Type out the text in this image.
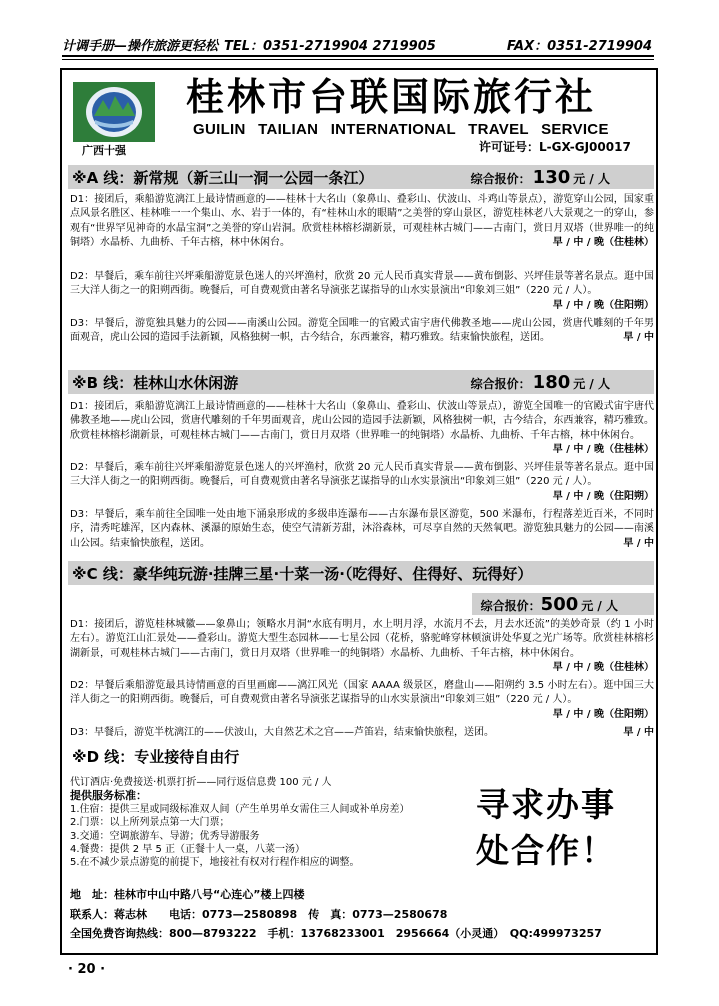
计调手册—操作旅游更轻松 TEL：0351-2719904 2719905	FAX：0351-2719904
广西十强
桂林市台联国际旅行社
GUILIN TAILIAN INTERNATIONAL TRAVEL SERVICE
许可证号：L-GX-GJ00017
※A 线：新常规（新三山一洞一公园一条江）	综合报价： 130 元 / 人

D1：接团后，乘船游览漓江上最诗情画意的——桂林十大名山（象鼻山、叠彩山、伏波山、斗鸡山等景点），游览穿山公园，国家重点风景名胜区、桂林唯一一个集山、水、岩于一体的，有“桂林山水的眼睛”之美誉的穿山景区，游览桂林老八大景观之一的穿山，参观有“世界罕见神奇的水晶宝洞”之美誉的穿山岩洞。欣赏桂林榕杉湖新景，可观桂林古城门——古南门，赏日月双塔（世界唯一的纯铜塔）水晶桥、九曲桥、千年古榕，林中休闲台。	早 / 中 / 晚（住桂林）

D2：早餐后，乘车前往兴坪乘船游览景色迷人的兴坪渔村，欣赏 20 元人民币真实背景——黄布倒影、兴坪佳景等著名景点。逛中国三大洋人街之一的阳朔西街。晚餐后，可自费观赏由著名导演张艺谋指导的山水实景演出“印象刘三姐”（220 元 / 人）。
早 / 中 / 晚（住阳朔）

D3：早餐后，游览独具魅力的公园——南溪山公园。游览全国唯一的官殿式宙宇唐代佛教圣地——虎山公园，赏唐代雕刻的千年男面观音，虎山公园的造园手法新颖，风格独树一帜，古今结合，东西兼容，精巧雅致。结束愉快旅程，送团。	早 / 中

※B 线：桂林山水休闲游	综合报价： 180 元 / 人

D1：接团后，乘船游览漓江上最诗情画意的——桂林十大名山（象鼻山、叠彩山、伏波山等景点），游览全国唯一的官殿式宙宇唐代佛教圣地——虎山公园，赏唐代雕刻的千年男面观音，虎山公园的造园手法新颖，风格独树一帜，古今结合，东西兼容，精巧雅致。欣赏桂林榕杉湖新景，可观桂林古城门——古南门，赏日月双塔（世界唯一的纯铜塔）水晶桥、九曲桥、千年古榕，林中休闲台。
早 / 中 / 晚（住桂林）

D2：早餐后，乘车前往兴坪乘船游览景色迷人的兴坪渔村，欣赏 20 元人民币真实背景——黄布倒影、兴坪佳景等著名景点。逛中国三大洋人街之一的阳朔西街。晚餐后，可自费观赏由著名导演张艺谋指导的山水实景演出“印象刘三姐”（220 元 / 人）。
早 / 中 / 晚（住阳朔）

D3：早餐后，乘车前往全国唯一处由地下涌泉形成的多级串连瀑布——古东瀑布景区游览，500 米瀑布，行程落差近百米，不同时序，清秀咤雄浑，区内森林、溪瀑的原始生态，使空气清新芳甜，沐浴森林，可尽享自然的天然氧吧。游览独具魅力的公园——南溪山公园。结束愉快旅程，送团。	早 / 中

※C 线：豪华纯玩游·挂牌三星·十菜一汤·（吃得好、住得好、玩得好）
综合报价： 500 元 / 人

D1：接团后，游览桂林城徽——象鼻山；领略水月洞“水底有明月，水上明月浮，水流月不去，月去水还流”的美妙奇景（约 1 小时左右）。游览江山汇景处——叠彩山。游览大型生态园林——七星公园（花桥，骆驼峰穿林顿演讲处华夏之光广场等。欣赏桂林榕杉湖新景，可观桂林古城门——古南门，赏日月双塔（世界唯一的纯铜塔）水晶桥、九曲桥、千年古榕，林中休闲台。
早 / 中 / 晚（住桂林）

D2：早餐后乘船游览最具诗情画意的百里画廊——漓江风光（国家 AAAA 级景区，磨盘山——阳朔约 3.5 小时左右）。逛中国三大洋人街之一的阳朔西街。晚餐后，可自费观赏由著名导演张艺谋指导的山水实景演出“印象刘三姐”（220 元 / 人）。
早 / 中 / 晚（住阳朔）

D3：早餐后，游览半枕漓江的——伏波山，大自然艺术之宫——芦笛岩，结束愉快旅程，送团。	早 / 中

※D 线：专业接待自由行
代订酒店·免费接送·机票打折——同行返信息费 100 元 / 人
提供服务标准：
1.住宿：提供三星或同级标准双人间（产生单男单女需住三人间或补单房差）
2.门票：以上所列景点第一大门票；
3.交通：空调旅游车、导游；优秀导游服务
4.餐费：提供 2 早 5 正（正餐十人一桌，八菜一汤）
5.在不减少景点游览的前提下，地接社有权对行程作相应的调整。
寻求办事
处合作！
地　址：桂林市中山中路八号“心连心”楼上四楼
联系人：蒋志林　　电话：0773—2580898　传　真：0773—2580678
全国免费咨询热线：800—8793222　手机：13768233001　2956664（小灵通）　QQ:499973257
· 20 ·
